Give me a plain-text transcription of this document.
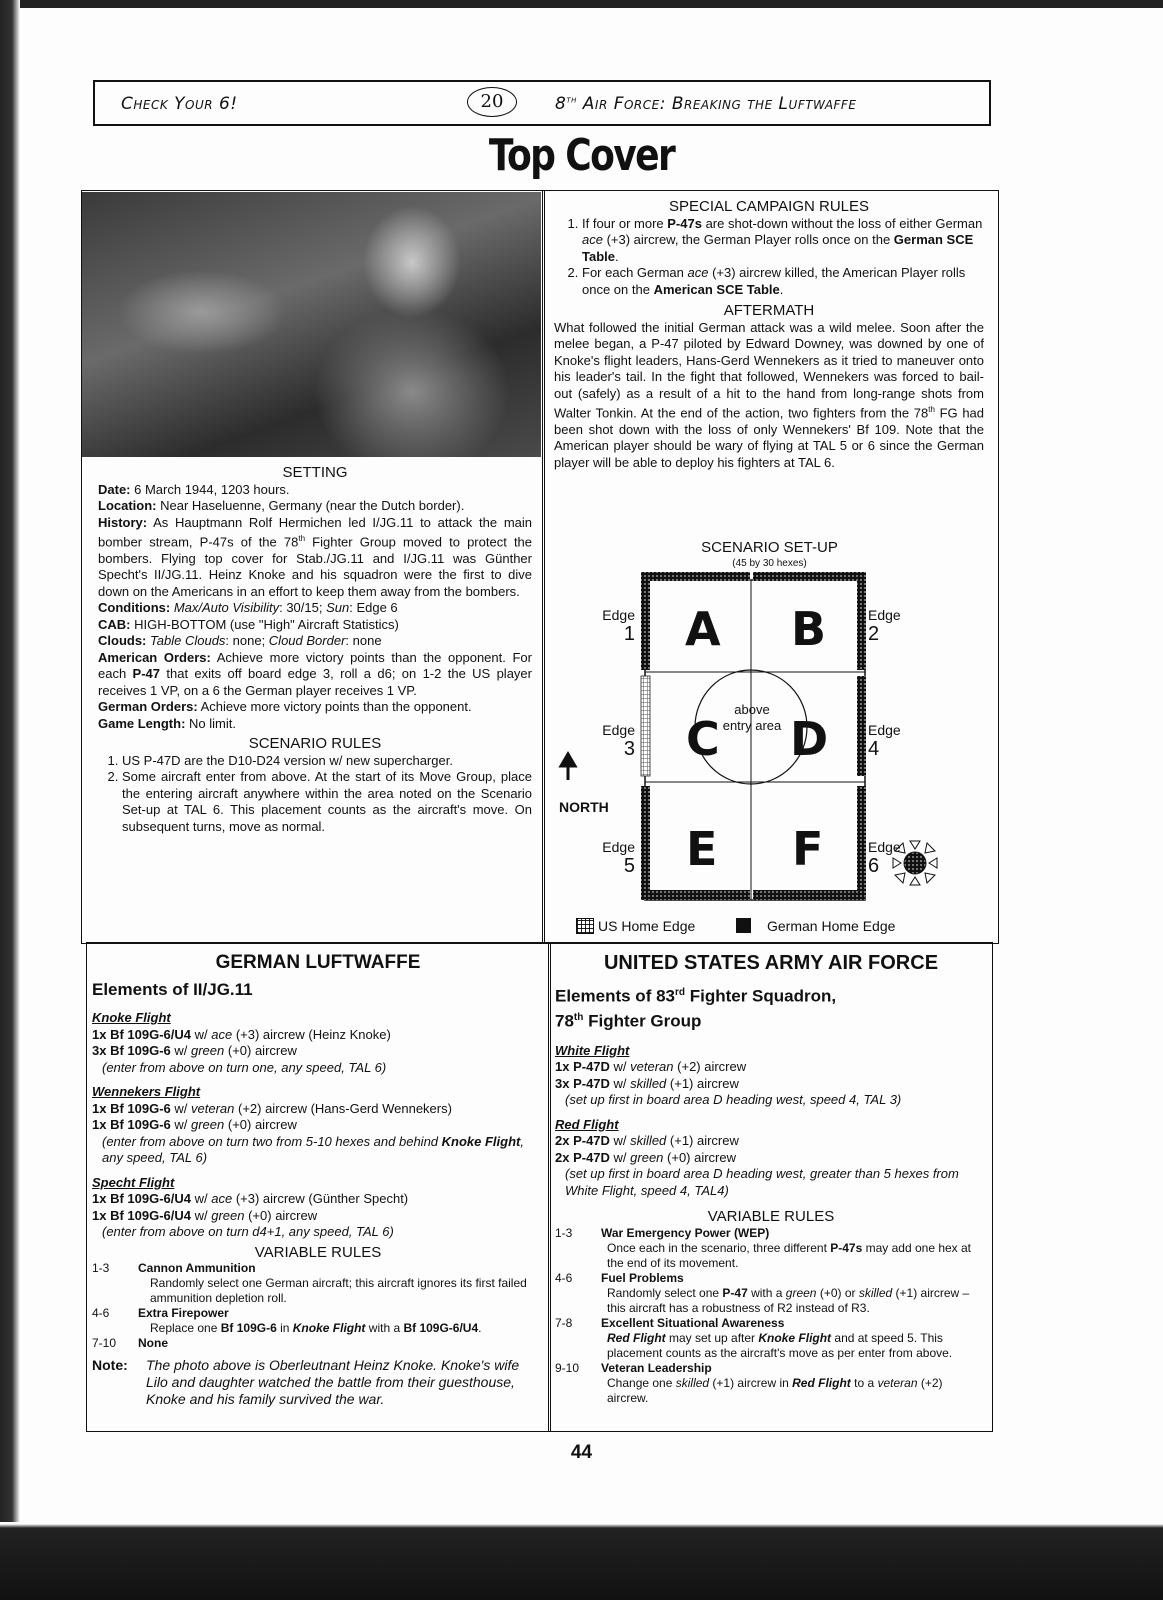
Check Your 6!	20	8th Air Force: Breaking the Luftwaffe
Top Cover

SETTING

Date: 6 March 1944, 1203 hours.

Location: Near Haseluenne, Germany (near the Dutch border).

History: As Hauptmann Rolf Hermichen led I/JG.11 to attack the main bomber stream, P-47s of the 78th Fighter Group moved to protect the bombers. Flying top cover for Stab./JG.11 and I/JG.11 was Günther Specht's II/JG.11. Heinz Knoke and his squadron were the first to dive down on the Americans in an effort to keep them away from the bombers.

Conditions: Max/Auto Visibility: 30/15; Sun: Edge 6

CAB: HIGH-BOTTOM (use "High" Aircraft Statistics)

Clouds: Table Clouds: none; Cloud Border: none

American Orders: Achieve more victory points than the opponent. For each P-47 that exits off board edge 3, roll a d6; on 1-2 the US player receives 1 VP, on a 6 the German player receives 1 VP.

German Orders: Achieve more victory points than the opponent.

Game Length: No limit.

SCENARIO RULES

1. US P-47D are the D10-D24 version w/ new supercharger.
2. Some aircraft enter from above. At the start of its Move Group, place the entering aircraft anywhere within the area noted on the Scenario Set-up at TAL 6. This placement counts as the aircraft's move. On subsequent turns, move as normal.

SPECIAL CAMPAIGN RULES

1. If four or more P-47s are shot-down without the loss of either German ace (+3) aircrew, the German Player rolls once on the German SCE Table.
2. For each German ace (+3) aircrew killed, the American Player rolls once on the American SCE Table.

AFTERMATH

What followed the initial German attack was a wild melee. Soon after the melee began, a P-47 piloted by Edward Downey, was downed by one of Knoke's flight leaders, Hans-Gerd Wennekers as it tried to maneuver onto his leader's tail. In the fight that followed, Wennekers was forced to bail-out (safely) as a result of a hit to the hand from long-range shots from Walter Tonkin. At the end of the action, two fighters from the 78th FG had been shot down with the loss of only Wennekers' Bf 109. Note that the American player should be wary of flying at TAL 5 or 6 since the German player will be able to deploy his fighters at TAL 6.

SCENARIO SET-UP
(45 by 30 hexes)
A B
C D
E F
above
entry area
Edge
1
Edge
2
Edge
3
Edge
4
Edge
5
Edge
6
NORTH
US Home Edge	German Home Edge

GERMAN LUFTWAFFE

Elements of II/JG.11

Knoke Flight
1x Bf 109G-6/U4 w/ ace (+3) aircrew (Heinz Knoke)
3x Bf 109G-6 w/ green (+0) aircrew
(enter from above on turn one, any speed, TAL 6)
Wennekers Flight
1x Bf 109G-6 w/ veteran (+2) aircrew (Hans-Gerd Wennekers)
1x Bf 109G-6 w/ green (+0) aircrew
(enter from above on turn two from 5-10 hexes and behind Knoke Flight, any speed, TAL 6)
Specht Flight
1x Bf 109G-6/U4 w/ ace (+3) aircrew (Günther Specht)
1x Bf 109G-6/U4 w/ green (+0) aircrew
(enter from above on turn d4+1, any speed, TAL 6)

VARIABLE RULES

1-3	Cannon Ammunition
Randomly select one German aircraft; this aircraft ignores its first failed ammunition depletion roll.
4-6	Extra Firepower
Replace one Bf 109G-6 in Knoke Flight with a Bf 109G-6/U4.
7-10	None
Note:	The photo above is Oberleutnant Heinz Knoke. Knoke's wife Lilo and daughter watched the battle from their guesthouse, Knoke and his family survived the war.

UNITED STATES ARMY AIR FORCE

Elements of 83rd Fighter Squadron,
78th Fighter Group

White Flight
1x P-47D w/ veteran (+2) aircrew
3x P-47D w/ skilled (+1) aircrew
(set up first in board area D heading west, speed 4, TAL 3)
Red Flight
2x P-47D w/ skilled (+1) aircrew
2x P-47D w/ green (+0) aircrew
(set up first in board area D heading west, greater than 5 hexes from White Flight, speed 4, TAL4)

VARIABLE RULES

1-3	War Emergency Power (WEP)
Once each in the scenario, three different P-47s may add one hex at the end of its movement.
4-6	Fuel Problems
Randomly select one P-47 with a green (+0) or skilled (+1) aircrew – this aircraft has a robustness of R2 instead of R3.
7-8	Excellent Situational Awareness
Red Flight may set up after Knoke Flight and at speed 5. This placement counts as the aircraft's move as per enter from above.
9-10	Veteran Leadership
Change one skilled (+1) aircrew in Red Flight to a veteran (+2) aircrew.
44
